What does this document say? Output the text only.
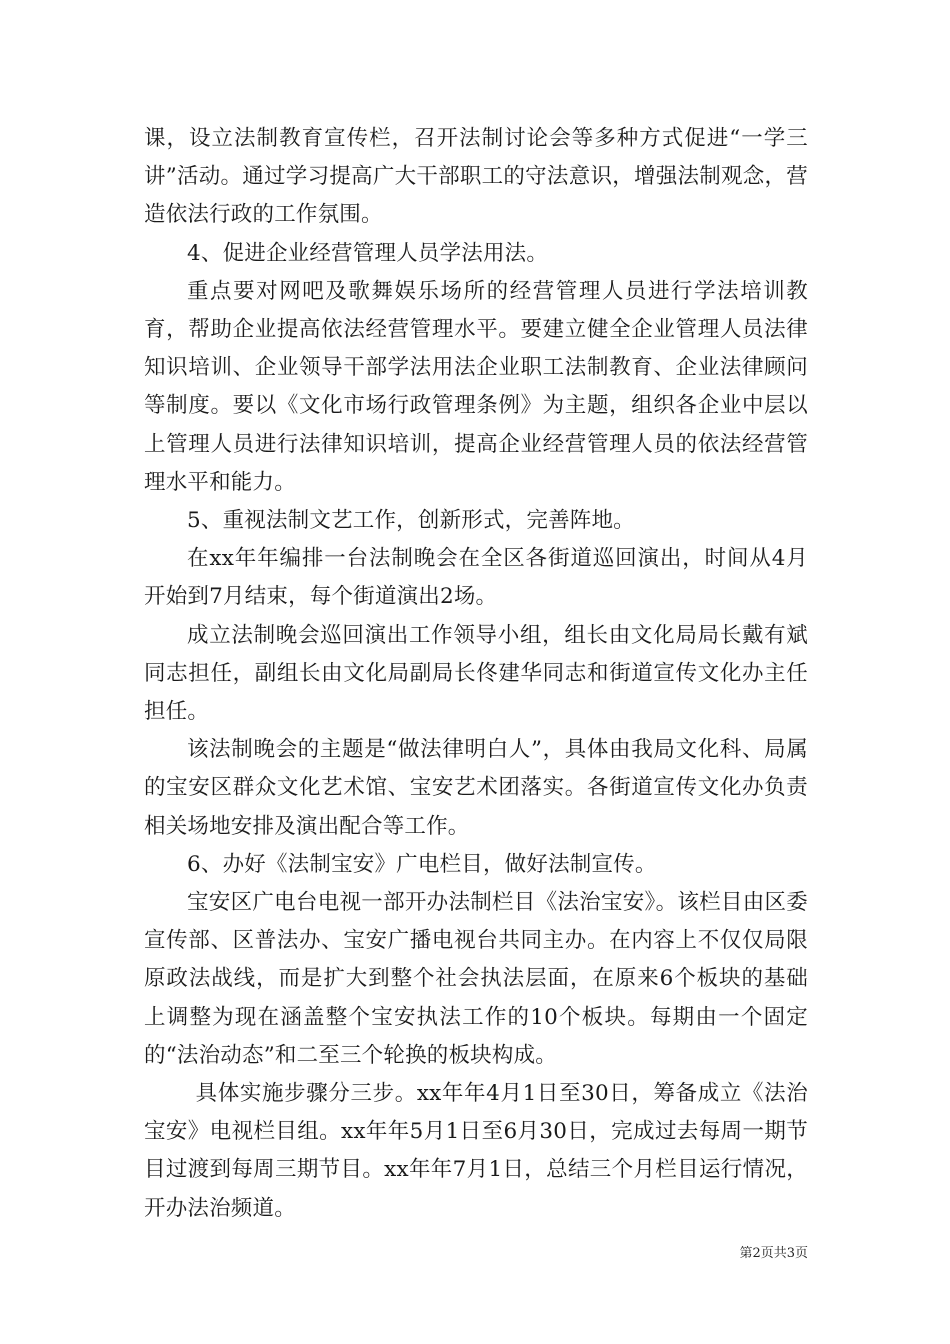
课，设立法制教育宣传栏，召开法制讨论会等多种方式促进“一学三讲”活动。通过学习提高广大干部职工的守法意识，增强法制观念，营造依法行政的工作氛围。

4、促进企业经营管理人员学法用法。

重点要对网吧及歌舞娱乐场所的经营管理人员进行学法培训教育，帮助企业提高依法经营管理水平。要建立健全企业管理人员法律知识培训、企业领导干部学法用法企业职工法制教育、企业法律顾问等制度。要以《文化市场行政管理条例》为主题，组织各企业中层以上管理人员进行法律知识培训，提高企业经营管理人员的依法经营管理水平和能力。

5、重视法制文艺工作，创新形式，完善阵地。

在xx年年编排一台法制晚会在全区各街道巡回演出，时间从4月开始到7月结束，每个街道演出2场。

成立法制晚会巡回演出工作领导小组，组长由文化局局长戴有斌同志担任，副组长由文化局副局长佟建华同志和街道宣传文化办主任担任。

该法制晚会的主题是“做法律明白人”，具体由我局文化科、局属的宝安区群众文化艺术馆、宝安艺术团落实。各街道宣传文化办负责相关场地安排及演出配合等工作。

6、办好《法制宝安》广电栏目，做好法制宣传。

宝安区广电台电视一部开办法制栏目《法治宝安》。该栏目由区委宣传部、区普法办、宝安广播电视台共同主办。在内容上不仅仅局限原政法战线，而是扩大到整个社会执法层面，在原来6个板块的基础上调整为现在涵盖整个宝安执法工作的10个板块。每期由一个固定的“法治动态”和二至三个轮换的板块构成。

具体实施步骤分三步。xx年年4月1日至30日，筹备成立《法治宝安》电视栏目组。xx年年5月1日至6月30日，完成过去每周一期节目过渡到每周三期节目。xx年年7月1日，总结三个月栏目运行情况，开办法治频道。

第2页共3页
